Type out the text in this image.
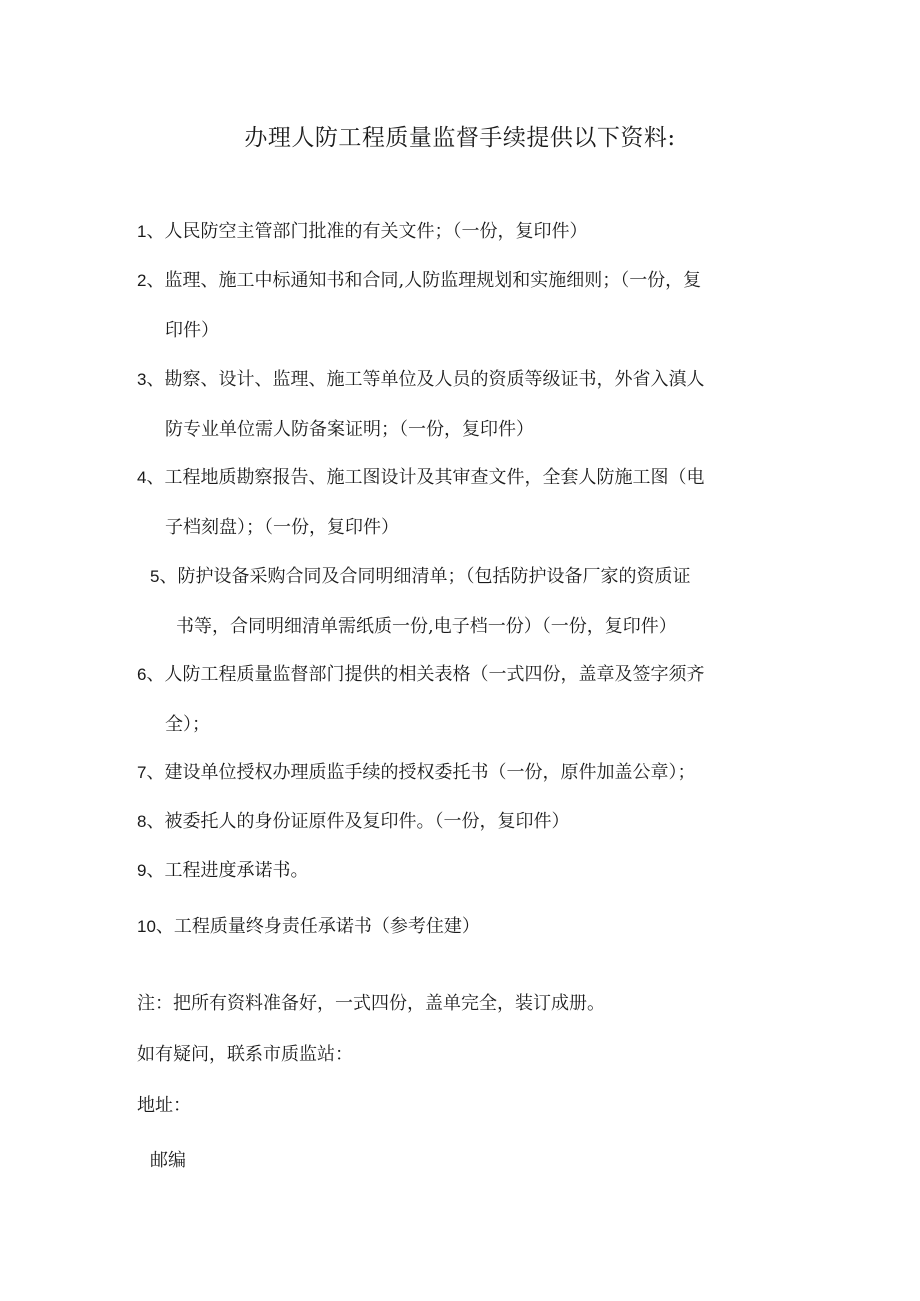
办理人防工程质量监督手续提供以下资料:
1、人民防空主管部门批准的有关文件；（一份，复印件）
2、监理、施工中标通知书和合同,人防监理规划和实施细则；（一份，复
印件）
3、勘察、设计、监理、施工等单位及人员的资质等级证书，外省入滇人
防专业单位需人防备案证明；（一份，复印件）
4、工程地质勘察报告、施工图设计及其审查文件，全套人防施工图（电
子档刻盘）；（一份，复印件）
5、防护设备采购合同及合同明细清单；（包括防护设备厂家的资质证
书等，合同明细清单需纸质一份,电子档一份）（一份，复印件）
6、人防工程质量监督部门提供的相关表格（一式四份，盖章及签字须齐
全）；
7、建设单位授权办理质监手续的授权委托书（一份，原件加盖公章）；
8、被委托人的身份证原件及复印件。（一份，复印件）
9、工程进度承诺书。
10、工程质量终身责任承诺书（参考住建）
注：把所有资料准备好，一式四份，盖单完全，装订成册。
如有疑问，联系市质监站：
地址：
邮编
